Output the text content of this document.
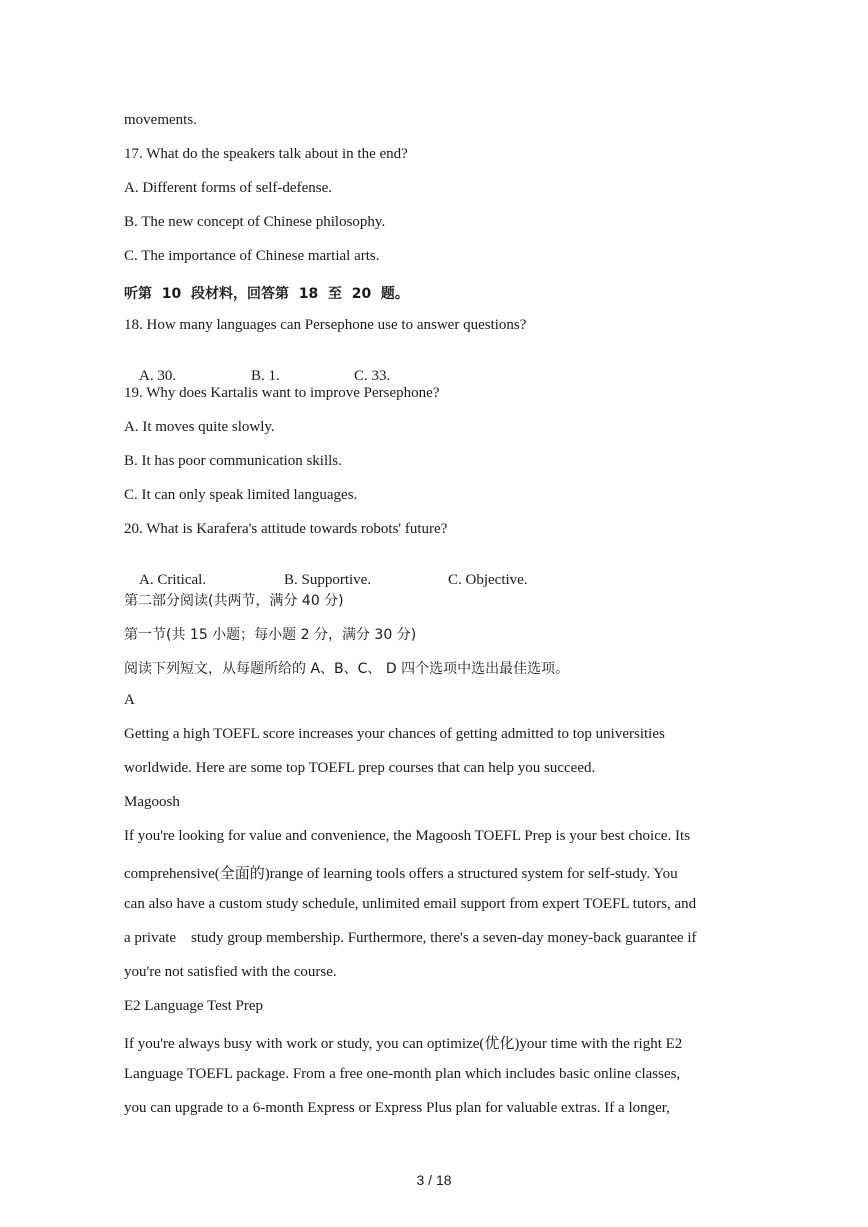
movements.
17. What do the speakers talk about in the end?
A. Different forms of self-defense.
B. The new concept of Chinese philosophy.
C. The importance of Chinese martial arts.
听第  10  段材料，回答第  18  至  20  题。
18. How many languages can Persephone use to answer questions?

A. 30.	B. 1.	C. 33.

19. Why does Kartalis want to improve Persephone?
A. It moves quite slowly.
B. It has poor communication skills.
C. It can only speak limited languages.
20. What is Karafera's attitude towards robots' future?

A. Critical.	B. Supportive.	C. Objective.

第二部分阅读(共两节，满分 40 分)
第一节(共 15 小题；每小题 2 分，满分 30 分)
阅读下列短文，从每题所给的 A、B、C、 D 四个选项中选出最佳选项。
A
Getting a high TOEFL score increases your chances of getting admitted to top universities
worldwide. Here are some top TOEFL prep courses that can help you succeed.
Magoosh
If you're looking for value and convenience, the Magoosh TOEFL Prep is your best choice. Its
comprehensive(全面的)range of learning tools offers a structured system for self-study. You
can also have a custom study schedule, unlimited email support from expert TOEFL tutors, and
a private    study group membership. Furthermore, there's a seven-day money-back guarantee if
you're not satisfied with the course.
E2 Language Test Prep
If you're always busy with work or study, you can optimize(优化)your time with the right E2
Language TOEFL package. From a free one-month plan which includes basic online classes,
you can upgrade to a 6-month Express or Express Plus plan for valuable extras. If a longer,
3 / 18
